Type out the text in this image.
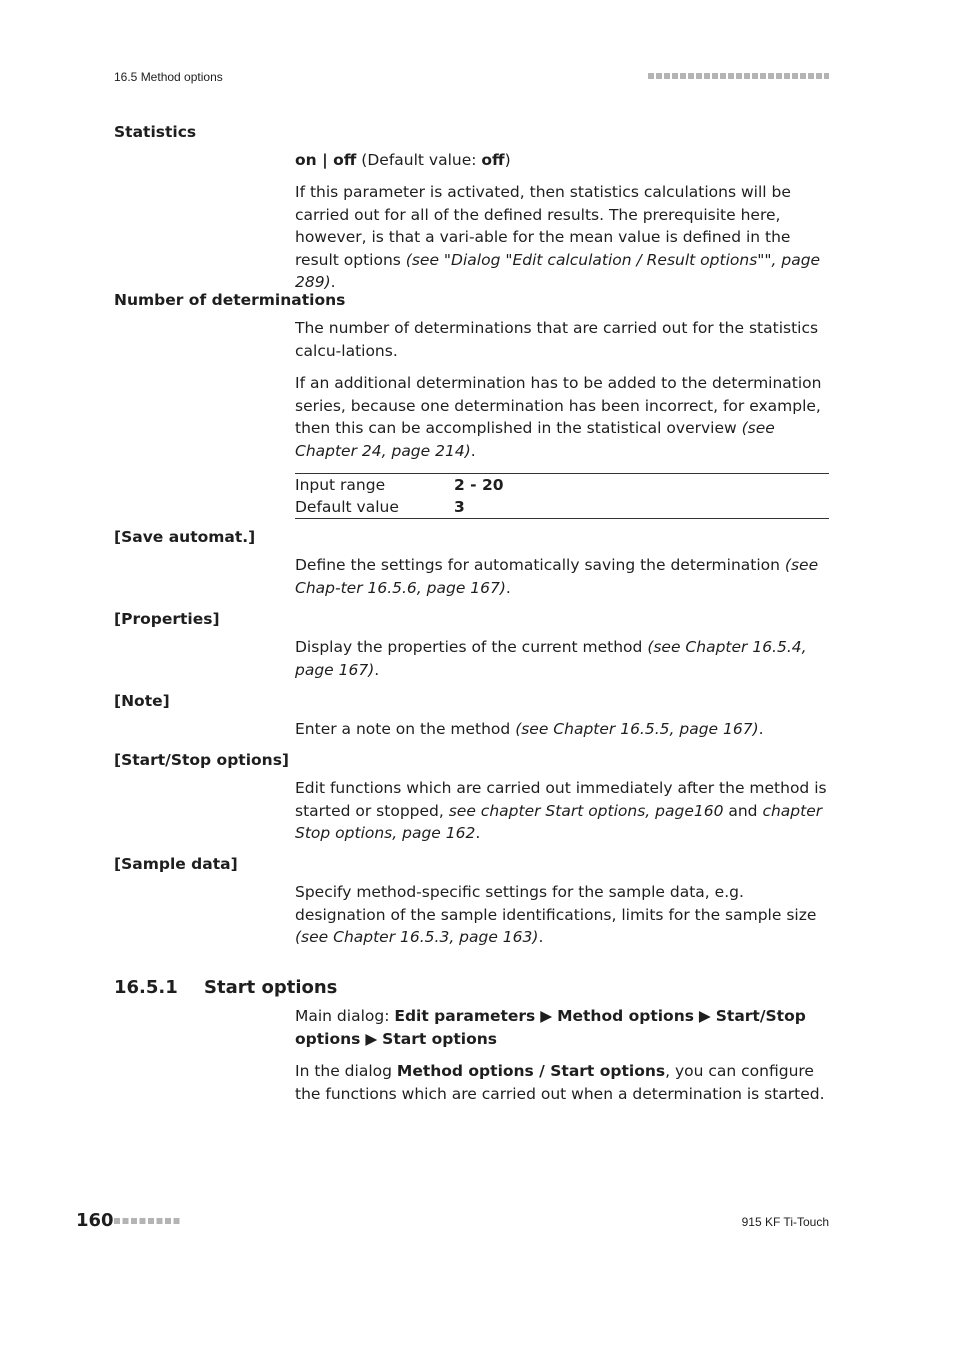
16.5 Method options
Statistics

on | off (Default value: off)

If this parameter is activated, then statistics calculations will be carried out for all of the defined results. The prerequisite here, however, is that a vari-able for the mean value is defined in the result options (see "Dialog "Edit calculation / Result options"", page 289).

Number of determinations
The number of determinations that are carried out for the statistics calcu-lations.

If an additional determination has to be added to the determination series, because one determination has been incorrect, for example, then this can be accomplished in the statistical overview (see Chapter 24, page 214).

Input range	2 - 20
Default value	3
[Save automat.]

Define the settings for automatically saving the determination (see Chap-ter 16.5.6, page 167).

[Properties]

Display the properties of the current method (see Chapter 16.5.4, page 167).

[Note]

Enter a note on the method (see Chapter 16.5.5, page 167).

[Start/Stop options]

Edit functions which are carried out immediately after the method is started or stopped, see chapter Start options, page160 and chapter Stop options, page 162.

[Sample data]

Specify method-specific settings for the sample data, e.g. designation of the sample identifications, limits for the sample size (see Chapter 16.5.3, page 163).

16.5.1 Start options

Main dialog: Edit parameters ▶ Method options ▶ Start/Stop options ▶ Start options

In the dialog Method options / Start options, you can configure the functions which are carried out when a determination is started.

160	915 KF Ti-Touch
